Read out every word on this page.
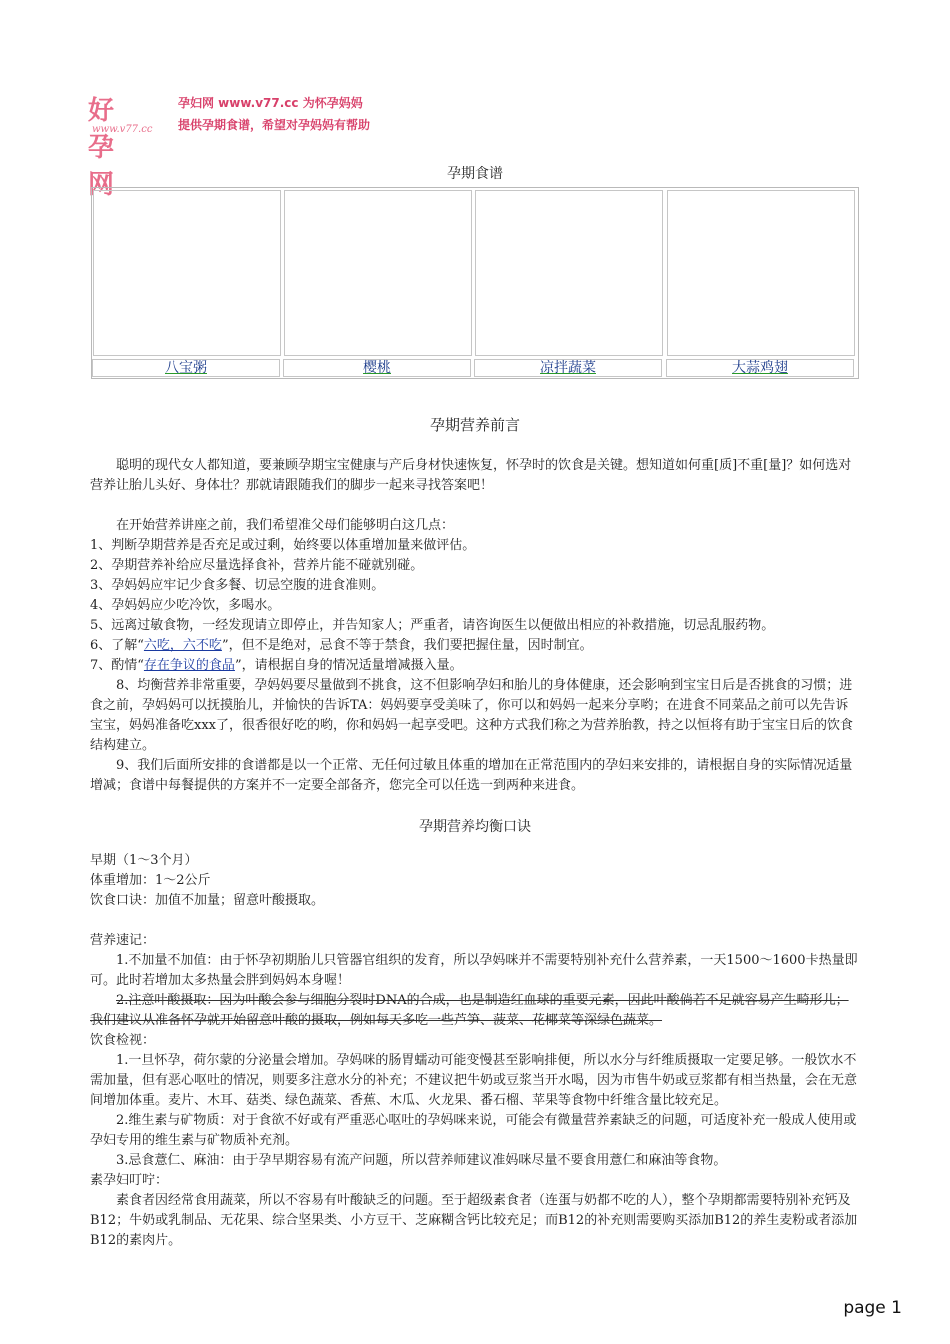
好孕网
www.v77.cc
孕妇网 www.v77.cc 为怀孕妈妈
提供孕期食谱，希望对孕妈妈有帮助
孕期食谱
八宝粥	樱桃	凉拌蔬菜	大蒜鸡翅
孕期营养前言

聪明的现代女人都知道，要兼顾孕期宝宝健康与产后身材快速恢复，怀孕时的饮食是关键。想知道如何重[质]不重[量]？如何选对营养让胎儿头好、身体壮？那就请跟随我们的脚步一起来寻找答案吧！

在开始营养讲座之前，我们希望准父母们能够明白这几点：

1、判断孕期营养是否充足或过剩，始终要以体重增加量来做评估。

2、孕期营养补给应尽量选择食补，营养片能不碰就别碰。

3、孕妈妈应牢记少食多餐、切忌空腹的进食准则。

4、孕妈妈应少吃冷饮，多喝水。

5、远离过敏食物，一经发现请立即停止，并告知家人；严重者，请咨询医生以便做出相应的补救措施，切忌乱服药物。

6、了解“六吃，六不吃”，但不是绝对，忌食不等于禁食，我们要把握住量，因时制宜。

7、酌情“存在争议的食品”，请根据自身的情况适量增减摄入量。

8、均衡营养非常重要，孕妈妈要尽量做到不挑食，这不但影响孕妇和胎儿的身体健康，还会影响到宝宝日后是否挑食的习惯；进食之前，孕妈妈可以抚摸胎儿，并愉快的告诉TA：妈妈要享受美味了，你可以和妈妈一起来分享哟；在进食不同菜品之前可以先告诉宝宝，妈妈准备吃xxx了，很香很好吃的哟，你和妈妈一起享受吧。这种方式我们称之为营养胎教，持之以恒将有助于宝宝日后的饮食结构建立。

9、我们后面所安排的食谱都是以一个正常、无任何过敏且体重的增加在正常范围内的孕妇来安排的，请根据自身的实际情况适量增减；食谱中每餐提供的方案并不一定要全部备齐，您完全可以任选一到两种来进食。

孕期营养均衡口诀

早期（1～3个月）

体重增加：1～2公斤

饮食口诀：加值不加量；留意叶酸摄取。

营养速记：

1.不加量不加值：由于怀孕初期胎儿只管器官组织的发育，所以孕妈咪并不需要特别补充什么营养素，一天1500～1600卡热量即可。此时若增加太多热量会胖到妈妈本身喔！

2.注意叶酸摄取：因为叶酸会参与细胞分裂时DNA的合成，也是制造红血球的重要元素，因此叶酸倘若不足就容易产生畸形儿；我们建议从准备怀孕就开始留意叶酸的摄取，例如每天多吃一些芦笋、菠菜、花椰菜等深绿色蔬菜。

饮食检视：

1.一旦怀孕，荷尔蒙的分泌量会增加。孕妈咪的肠胃蠕动可能变慢甚至影响排便，所以水分与纤维质摄取一定要足够。一般饮水不需加量，但有恶心呕吐的情况，则要多注意水分的补充；不建议把牛奶或豆浆当开水喝，因为市售牛奶或豆浆都有相当热量，会在无意间增加体重。麦片、木耳、菇类、绿色蔬菜、香蕉、木瓜、火龙果、番石榴、苹果等食物中纤维含量比较充足。

2.维生素与矿物质：对于食欲不好或有严重恶心呕吐的孕妈咪来说，可能会有微量营养素缺乏的问题，可适度补充一般成人使用或孕妇专用的维生素与矿物质补充剂。

3.忌食薏仁、麻油：由于孕早期容易有流产问题，所以营养师建议准妈咪尽量不要食用薏仁和麻油等食物。

素孕妇叮咛：

素食者因经常食用蔬菜，所以不容易有叶酸缺乏的问题。至于超级素食者（连蛋与奶都不吃的人），整个孕期都需要特别补充钙及B12；牛奶或乳制品、无花果、综合坚果类、小方豆干、芝麻糊含钙比较充足；而B12的补充则需要购买添加B12的养生麦粉或者添加B12的素肉片。

page 1
